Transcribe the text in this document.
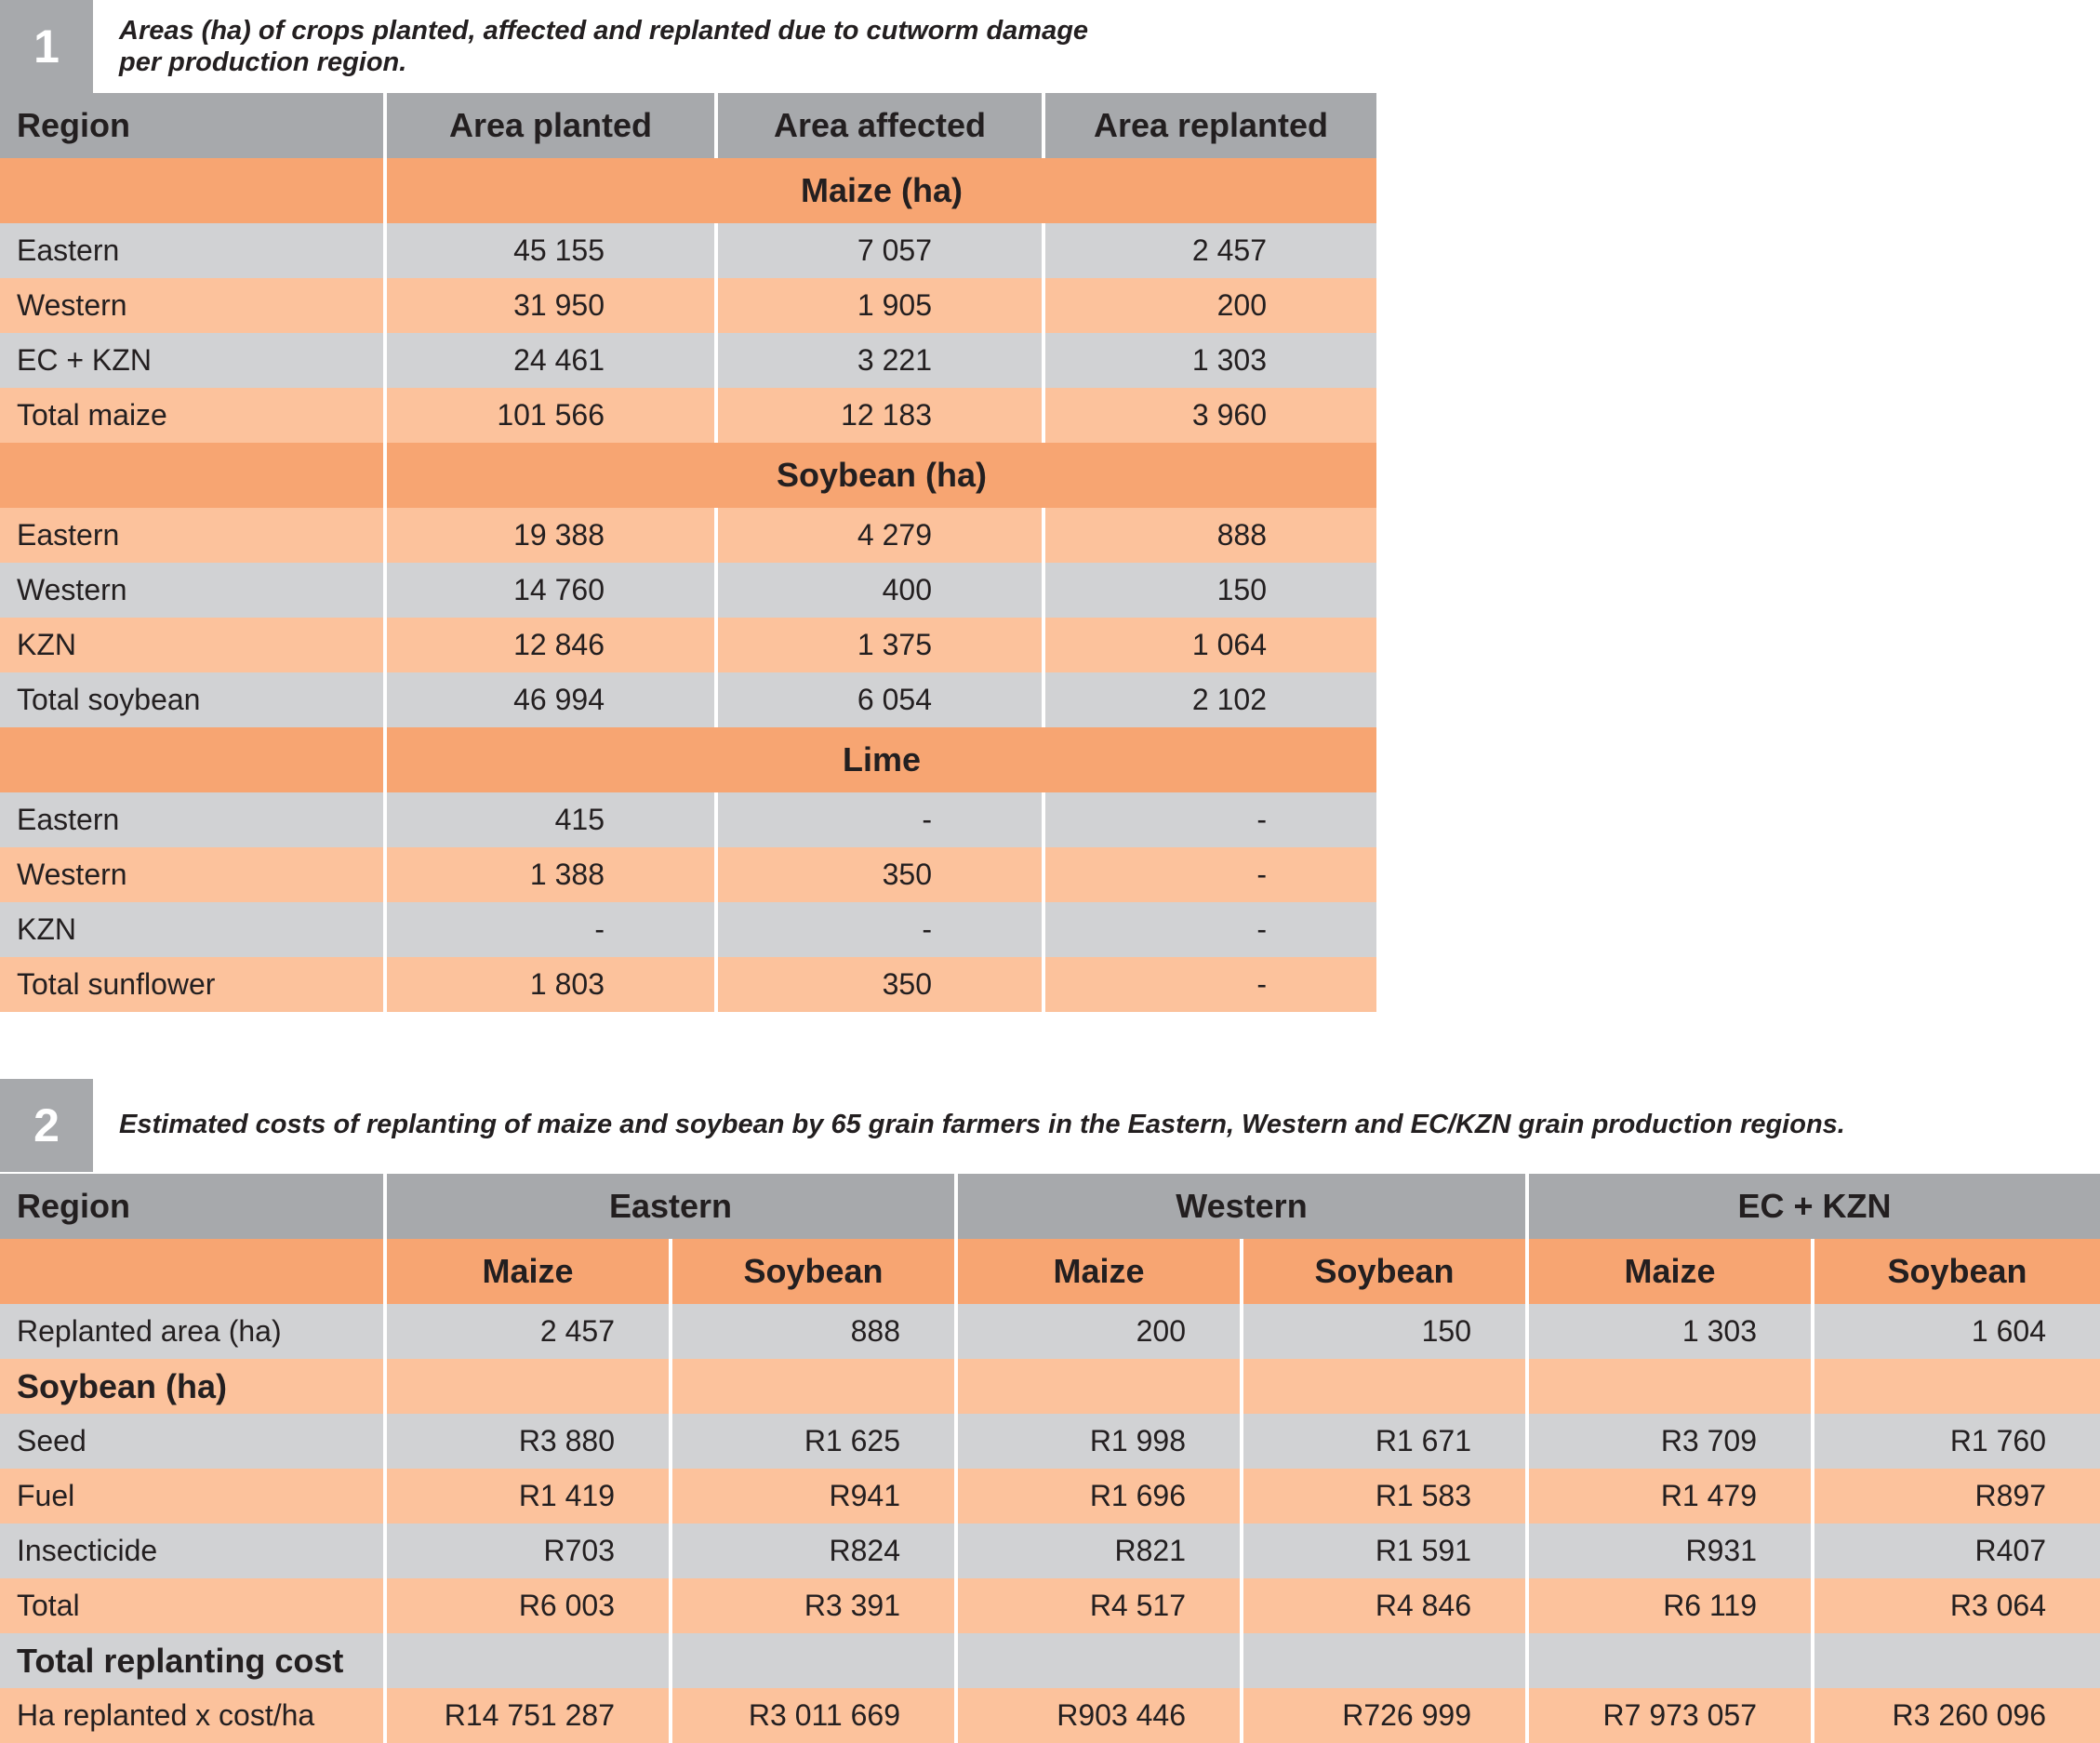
1	Areas (ha) of crops planted, affected and replanted due to cutworm damage
per production region.
Region	Area planted	Area affected	Area replanted
	Maize (ha)		
Eastern	45 155	7 057	2 457
Western	31 950	1 905	200
EC + KZN	24 461	3 221	1 303
Total maize	101 566	12 183	3 960
	Soybean (ha)		
Eastern	19 388	4 279	888
Western	14 760	400	150
KZN	12 846	1 375	1 064
Total soybean	46 994	6 054	2 102
	Lime		
Eastern	415	-	-
Western	1 388	350	-
KZN	-	-	-
Total sunflower	1 803	350	-
2	Estimated costs of replanting of maize and soybean by 65 grain farmers in the Eastern, Western and EC/KZN grain production regions.
Region	Eastern		Western		EC + KZN	
	Maize	Soybean	Maize	Soybean	Maize	Soybean
Replanted area (ha)	2 457	888	200	150	1 303	1 604
Soybean (ha)						
Seed	R3 880	R1 625	R1 998	R1 671	R3 709	R1 760
Fuel	R1 419	R941	R1 696	R1 583	R1 479	R897
Insecticide	R703	R824	R821	R1 591	R931	R407
Total	R6 003	R3 391	R4 517	R4 846	R6 119	R3 064
Total replanting cost						
Ha replanted x cost/ha	R14 751 287	R3 011 669	R903 446	R726 999	R7 973 057	R3 260 096
